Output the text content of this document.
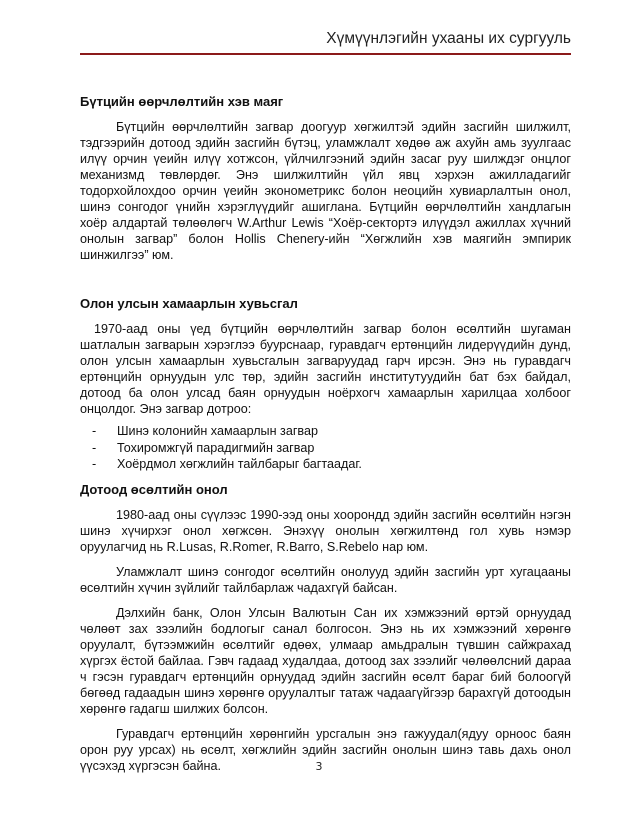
Хүмүүнлэгийн ухааны их сургууль
Бүтцийн өөрчлөлтийн хэв маяг

Бүтцийн өөрчлөлтийн загвар доогуур хөгжилтэй эдийн засгийн шилжилт, тэдгээрийн дотоод эдийн засгийн бүтэц, уламжлалт хөдөө аж ахуйн амь зуулгаас илүү орчин үеийн илүү хотжсон, үйлчилгээний эдийн засаг руу шилждэг онцлог механизмд төвлөрдөг. Энэ шилжилтийн үйл явц хэрхэн ажилладагийг тодорхойлохдоо орчин үеийн эконометрикс болон неоцийн хувиарлалтын онол, шинэ сонгодог үнийн хэрэглүүдийг ашиглана. Бүтцийн өөрчлөлтийн хандлагын хоёр алдартай төлөөлөгч W.Arthur Lewis “Хоёр-сектортэ илүүдэл ажиллах хүчний онолын загвар” болон Hollis Chenery-ийн “Хөгжлийн хэв маягийн эмпирик шинжилгээ” юм.

Олон улсын хамаарлын хувьсгал

1970-аад оны үед бүтцийн өөрчлөлтийн загвар болон өсөлтийн шугаман шатлалын загварын хэрэглээ буурснаар, гуравдагч ертөнцийн лидерүүдийн дунд, олон улсын хамаарлын хувьсгалын загваруудад гарч ирсэн. Энэ нь гуравдагч ертөнцийн орнуудын улс төр, эдийн засгийн институтуудийн бат бэх байдал, дотоод ба олон улсад баян орнуудын ноёрхогч хамаарлын харилцаа холбоог онцолдог. Энэ загвар дотроо:

- Шинэ колонийн хамаарлын загвар
- Тохиромжгүй парадигмийн загвар
- Хоёрдмол хөгжлийн тайлбарыг багтаадаг.
Дотоод өсөлтийн онол

1980-аад оны сүүлээс 1990-ээд оны хоорондд эдийн засгийн өсөлтийн нэгэн шинэ хүчирхэг онол хөгжсөн. Энэхүү онолын хөгжилтөнд гол хувь нэмэр оруулагчид нь R.Lusas, R.Romer, R.Barro, S.Rebelo нар юм.

Уламжлалт шинэ сонгодог өсөлтийн онолууд эдийн засгийн урт хугацааны өсөлтийн хүчин зүйлийг тайлбарлаж чадахгүй байсан.

Дэлхийн банк, Олон Улсын Валютын Сан их хэмжээний өртэй орнуудад чөлөөт зах зээлийн бодлогыг санал болгосон. Энэ нь их хэмжээний хөрөнгө оруулалт, бүтээмжийн өсөлтийг өдөөх, улмаар амьдралын түвшин сайжрахад хүргэх ёстой байлаа. Гэвч гадаад худалдаа, дотоод зах зээлийг чөлөөлсний дараа ч гэсэн гуравдагч ертөнцийн орнуудад эдийн засгийн өсөлт бараг бий болоогүй бөгөөд гадаадын шинэ хөрөнгө оруулалтыг татаж чадаагүйгээр барахгүй дотоодын хөрөнгө гадагш шилжих болсон.

Гуравдагч ертөнцийн хөрөнгийн урсгалын энэ гажуудал(ядуу орноос баян орон руу урсах) нь өсөлт, хөгжлийн эдийн засгийн онолын шинэ тавь дахь онол үүсэхэд хүргэсэн байна.	3
